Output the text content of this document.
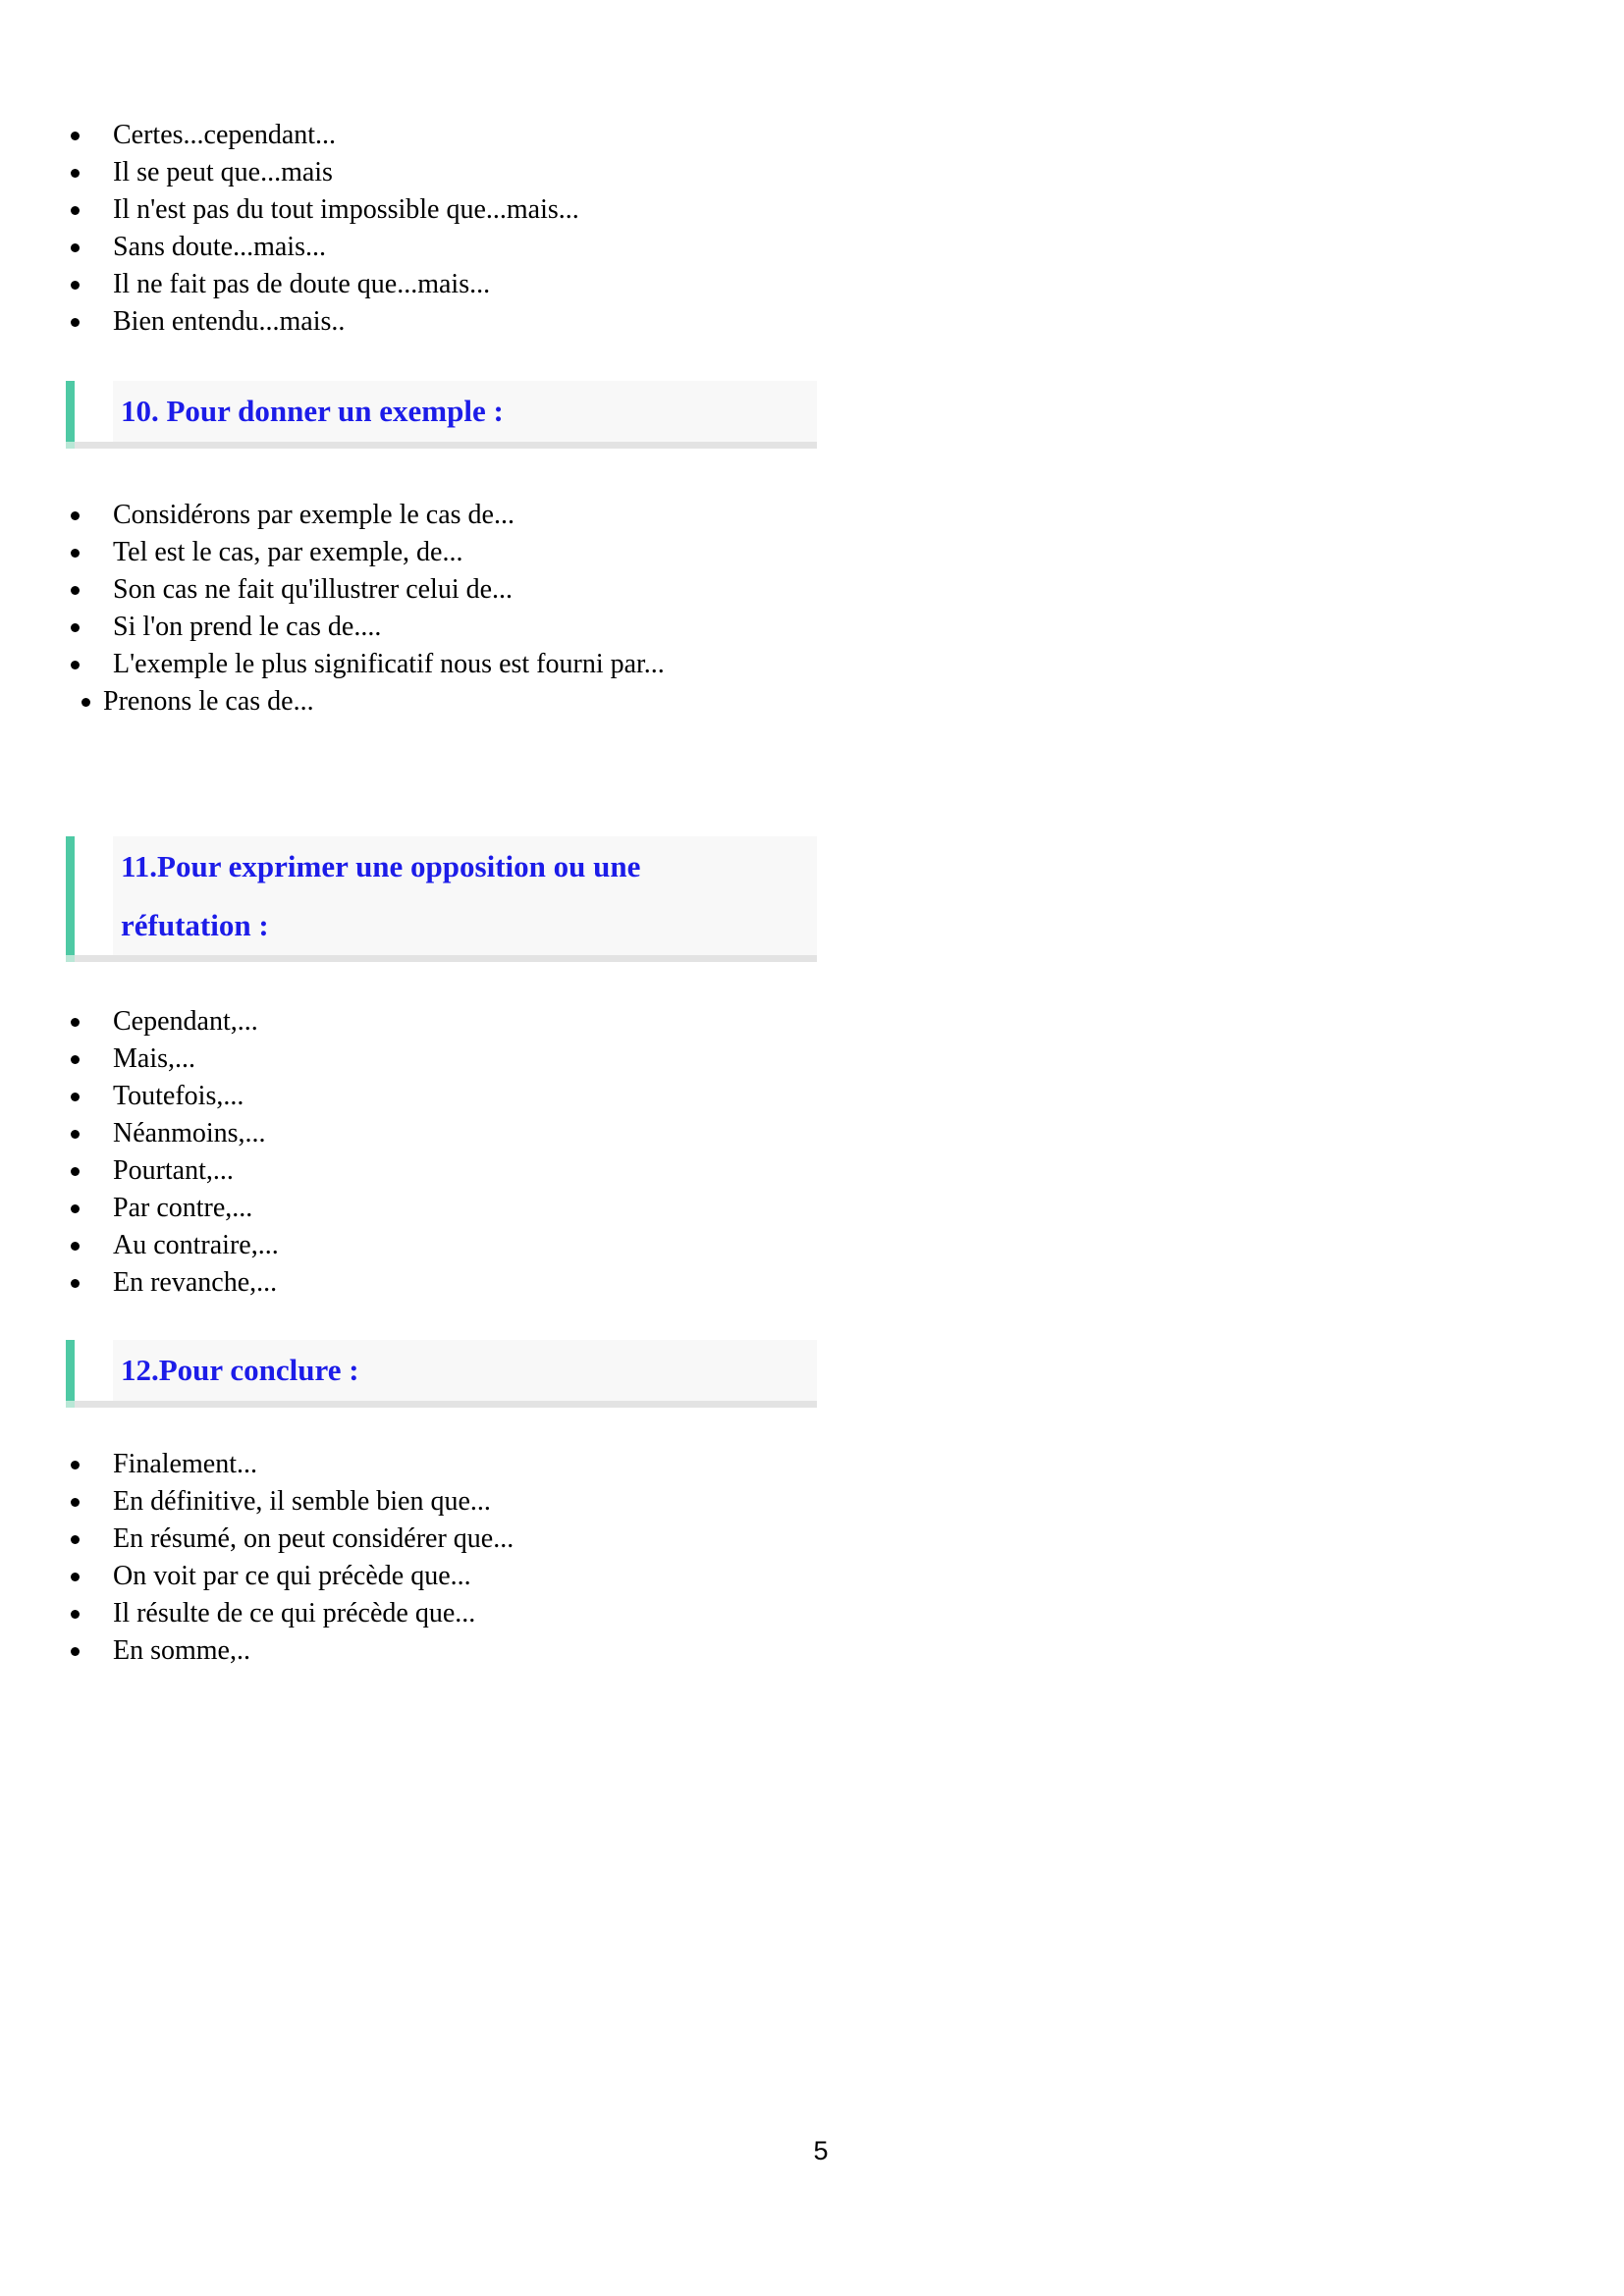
Certes...cependant...
Il se peut que...mais
Il n'est pas du tout impossible que...mais...
Sans doute...mais...
Il ne fait pas de doute que...mais...
Bien entendu...mais..
10. Pour donner un exemple :
Considérons par exemple le cas de...
Tel est le cas, par exemple, de...
Son cas ne fait qu'illustrer celui de...
Si l'on prend le cas de....
L'exemple le plus significatif nous est fourni par...
Prenons le cas de...
11.Pour exprimer une opposition ou une
réfutation :
Cependant,...
Mais,...
Toutefois,...
Néanmoins,...
Pourtant,...
Par contre,...
Au contraire,...
En revanche,...
12.Pour conclure :
Finalement...
En définitive, il semble bien que...
En résumé, on peut considérer que...
On voit par ce qui précède que...
Il résulte de ce qui précède que...
En somme,..
5
